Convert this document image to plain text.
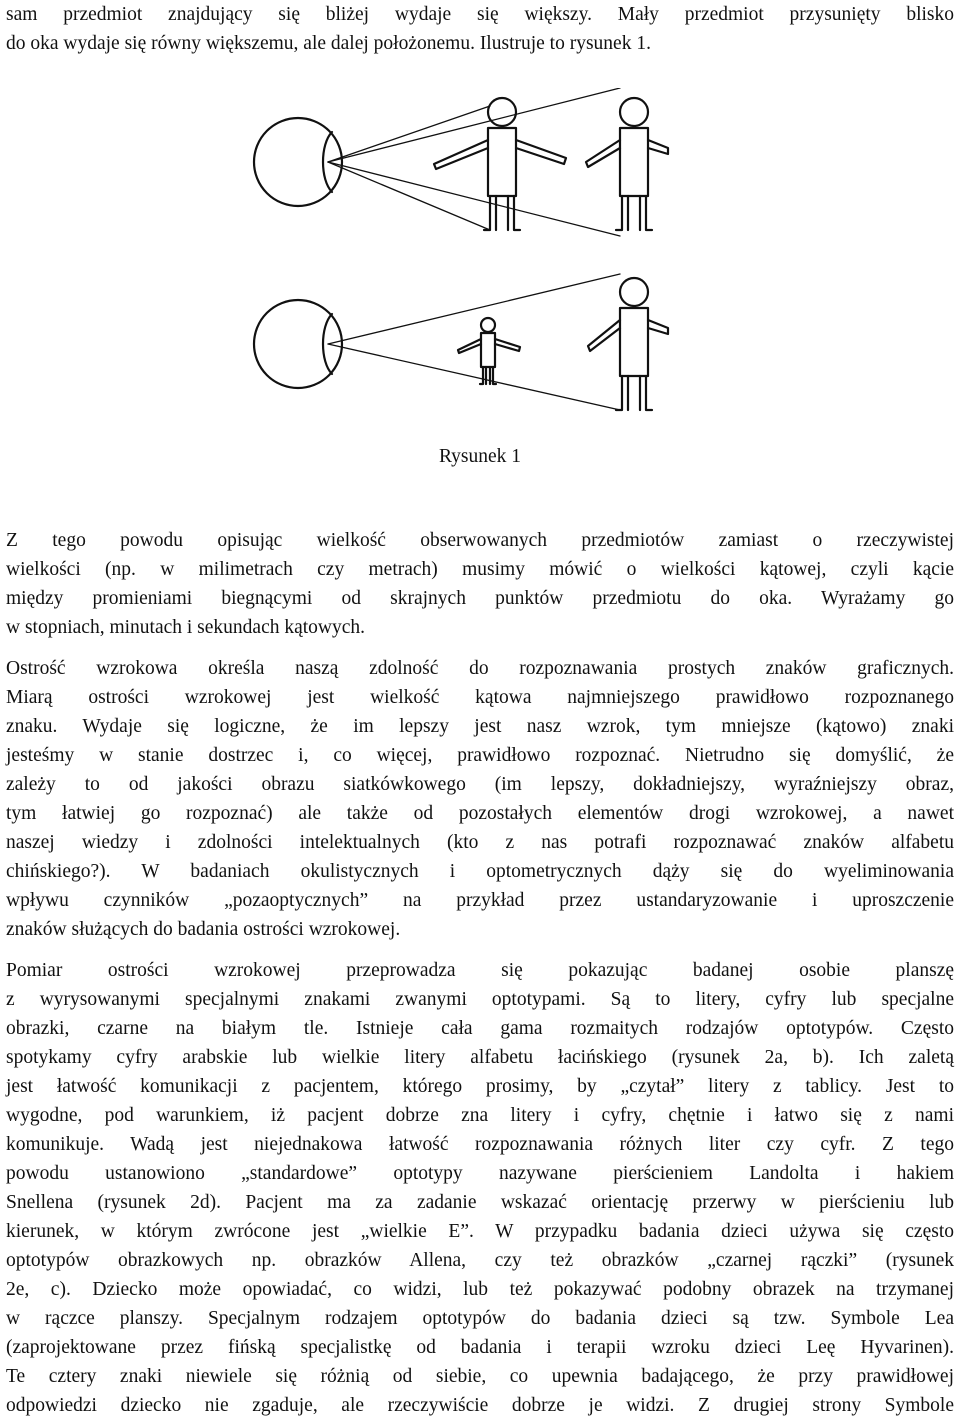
sam przedmiot znajdujący się bliżej wydaje się większy. Mały przedmiot przysunięty blisko
do oka wydaje się równy większemu, ale dalej położonemu. Ilustruje to rysunek 1.
Rysunek 1
Z tego powodu opisując wielkość obserwowanych przedmiotów zamiast o rzeczywistej
wielkości (np. w milimetrach czy metrach) musimy mówić o wielkości kątowej, czyli kącie
między promieniami biegnącymi od skrajnych punktów przedmiotu do oka. Wyrażamy go
w stopniach, minutach i sekundach kątowych.
Ostrość wzrokowa określa naszą zdolność do rozpoznawania prostych znaków graficznych.
Miarą ostrości wzrokowej jest wielkość kątowa najmniejszego prawidłowo rozpoznanego
znaku. Wydaje się logiczne, że im lepszy jest nasz wzrok, tym mniejsze (kątowo) znaki
jesteśmy w stanie dostrzec i, co więcej, prawidłowo rozpoznać. Nietrudno się domyślić, że
zależy to od jakości obrazu siatkówkowego (im lepszy, dokładniejszy, wyraźniejszy obraz,
tym łatwiej go rozpoznać) ale także od pozostałych elementów drogi wzrokowej, a nawet
naszej wiedzy i zdolności intelektualnych (kto z nas potrafi rozpoznawać znaków alfabetu
chińskiego?). W badaniach okulistycznych i optometrycznych dąży się do wyeliminowania
wpływu czynników „pozaoptycznych” na przykład przez ustandaryzowanie i uproszczenie
znaków służących do badania ostrości wzrokowej.
Pomiar ostrości wzrokowej przeprowadza się pokazując badanej osobie planszę
z wyrysowanymi specjalnymi znakami zwanymi optotypami. Są to litery, cyfry lub specjalne
obrazki, czarne na białym tle. Istnieje cała gama rozmaitych rodzajów optotypów. Często
spotykamy cyfry arabskie lub wielkie litery alfabetu łacińskiego (rysunek 2a, b). Ich zaletą
jest łatwość komunikacji z pacjentem, którego prosimy, by „czytał” litery z tablicy. Jest to
wygodne, pod warunkiem, iż pacjent dobrze zna litery i cyfry, chętnie i łatwo się z nami
komunikuje. Wadą jest niejednakowa łatwość rozpoznawania różnych liter czy cyfr. Z tego
powodu ustanowiono „standardowe” optotypy nazywane pierścieniem Landolta i hakiem
Snellena (rysunek 2d). Pacjent ma za zadanie wskazać orientację przerwy w pierścieniu lub
kierunek, w którym zwrócone jest „wielkie E”. W przypadku badania dzieci używa się często
optotypów obrazkowych np. obrazków Allena, czy też obrazków „czarnej rączki” (rysunek
2e, c). Dziecko może opowiadać, co widzi, lub też pokazywać podobny obrazek na trzymanej
w rączce planszy. Specjalnym rodzajem optotypów do badania dzieci są tzw. Symbole Lea
(zaprojektowane przez fińską specjalistkę od badania i terapii wzroku dzieci Leę Hyvarinen).
Te cztery znaki niewiele się różnią od siebie, co upewnia badającego, że przy prawidłowej
odpowiedzi dziecko nie zgaduje, ale rzeczywiście dobrze je widzi. Z drugiej strony Symbole
